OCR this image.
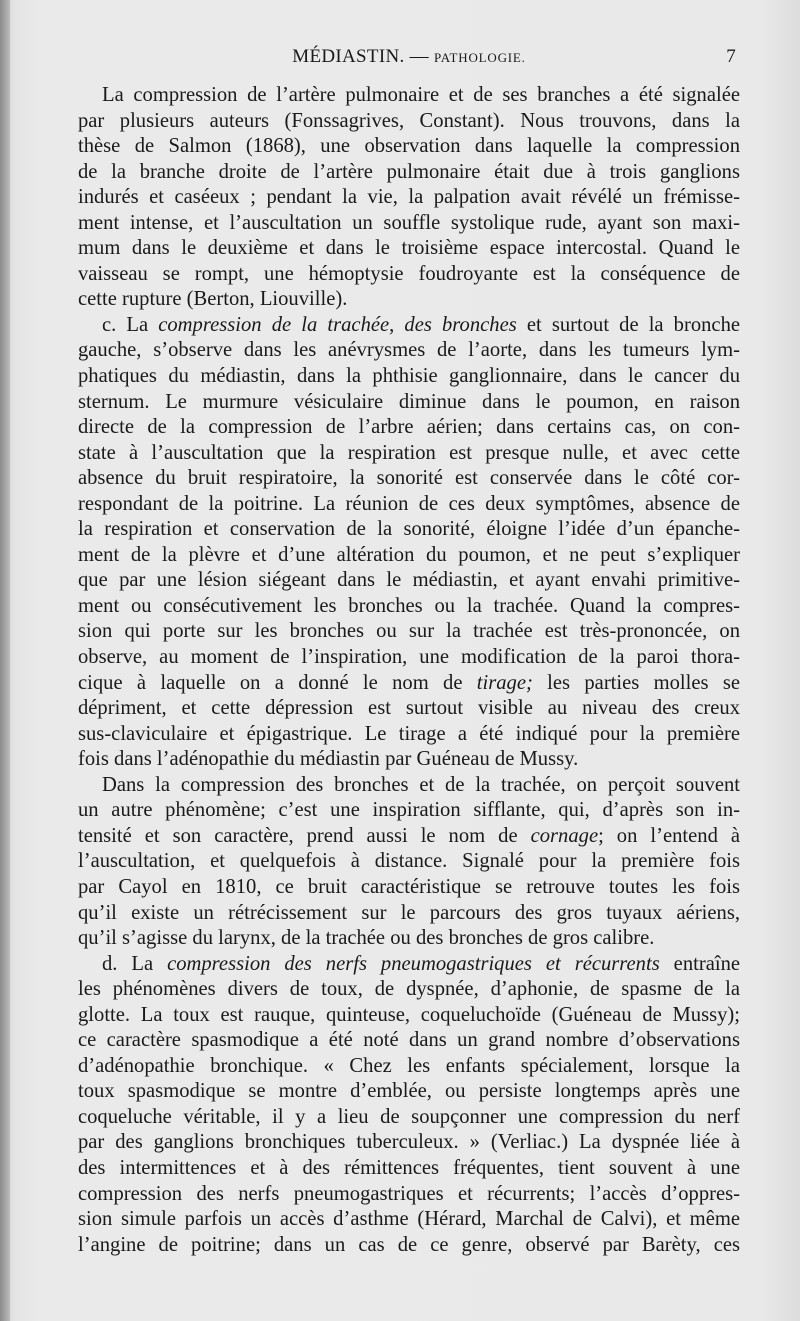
MÉDIASTIN. — PATHOLOGIE.	7
La compression de l’artère pulmonaire et de ses branches a été signalée
par plusieurs auteurs (Fonssagrives, Constant). Nous trouvons, dans la
thèse de Salmon (1868), une observation dans laquelle la compression
de la branche droite de l’artère pulmonaire était due à trois ganglions
indurés et caséeux ; pendant la vie, la palpation avait révélé un frémisse-
ment intense, et l’auscultation un souffle systolique rude, ayant son maxi-
mum dans le deuxième et dans le troisième espace intercostal. Quand le
vaisseau se rompt, une hémoptysie foudroyante est la conséquence de
cette rupture (Berton, Liouville).
c. La compression de la trachée, des bronches et surtout de la bronche
gauche, s’observe dans les anévrysmes de l’aorte, dans les tumeurs lym-
phatiques du médiastin, dans la phthisie ganglionnaire, dans le cancer du
sternum. Le murmure vésiculaire diminue dans le poumon, en raison
directe de la compression de l’arbre aérien; dans certains cas, on con-
state à l’auscultation que la respiration est presque nulle, et avec cette
absence du bruit respiratoire, la sonorité est conservée dans le côté cor-
respondant de la poitrine. La réunion de ces deux symptômes, absence de
la respiration et conservation de la sonorité, éloigne l’idée d’un épanche-
ment de la plèvre et d’une altération du poumon, et ne peut s’expliquer
que par une lésion siégeant dans le médiastin, et ayant envahi primitive-
ment ou consécutivement les bronches ou la trachée. Quand la compres-
sion qui porte sur les bronches ou sur la trachée est très-prononcée, on
observe, au moment de l’inspiration, une modification de la paroi thora-
cique à laquelle on a donné le nom de tirage; les parties molles se
dépriment, et cette dépression est surtout visible au niveau des creux
sus-claviculaire et épigastrique. Le tirage a été indiqué pour la première
fois dans l’adénopathie du médiastin par Guéneau de Mussy.
Dans la compression des bronches et de la trachée, on perçoit souvent
un autre phénomène; c’est une inspiration sifflante, qui, d’après son in-
tensité et son caractère, prend aussi le nom de cornage; on l’entend à
l’auscultation, et quelquefois à distance. Signalé pour la première fois
par Cayol en 1810, ce bruit caractéristique se retrouve toutes les fois
qu’il existe un rétrécissement sur le parcours des gros tuyaux aériens,
qu’il s’agisse du larynx, de la trachée ou des bronches de gros calibre.
d. La compression des nerfs pneumogastriques et récurrents entraîne
les phénomènes divers de toux, de dyspnée, d’aphonie, de spasme de la
glotte. La toux est rauque, quinteuse, coqueluchoïde (Guéneau de Mussy);
ce caractère spasmodique a été noté dans un grand nombre d’observations
d’adénopathie bronchique. « Chez les enfants spécialement, lorsque la
toux spasmodique se montre d’emblée, ou persiste longtemps après une
coqueluche véritable, il y a lieu de soupçonner une compression du nerf
par des ganglions bronchiques tuberculeux. » (Verliac.) La dyspnée liée à
des intermittences et à des rémittences fréquentes, tient souvent à une
compression des nerfs pneumogastriques et récurrents; l’accès d’oppres-
sion simule parfois un accès d’asthme (Hérard, Marchal de Calvi), et même
l’angine de poitrine; dans un cas de ce genre, observé par Barèty, ces
